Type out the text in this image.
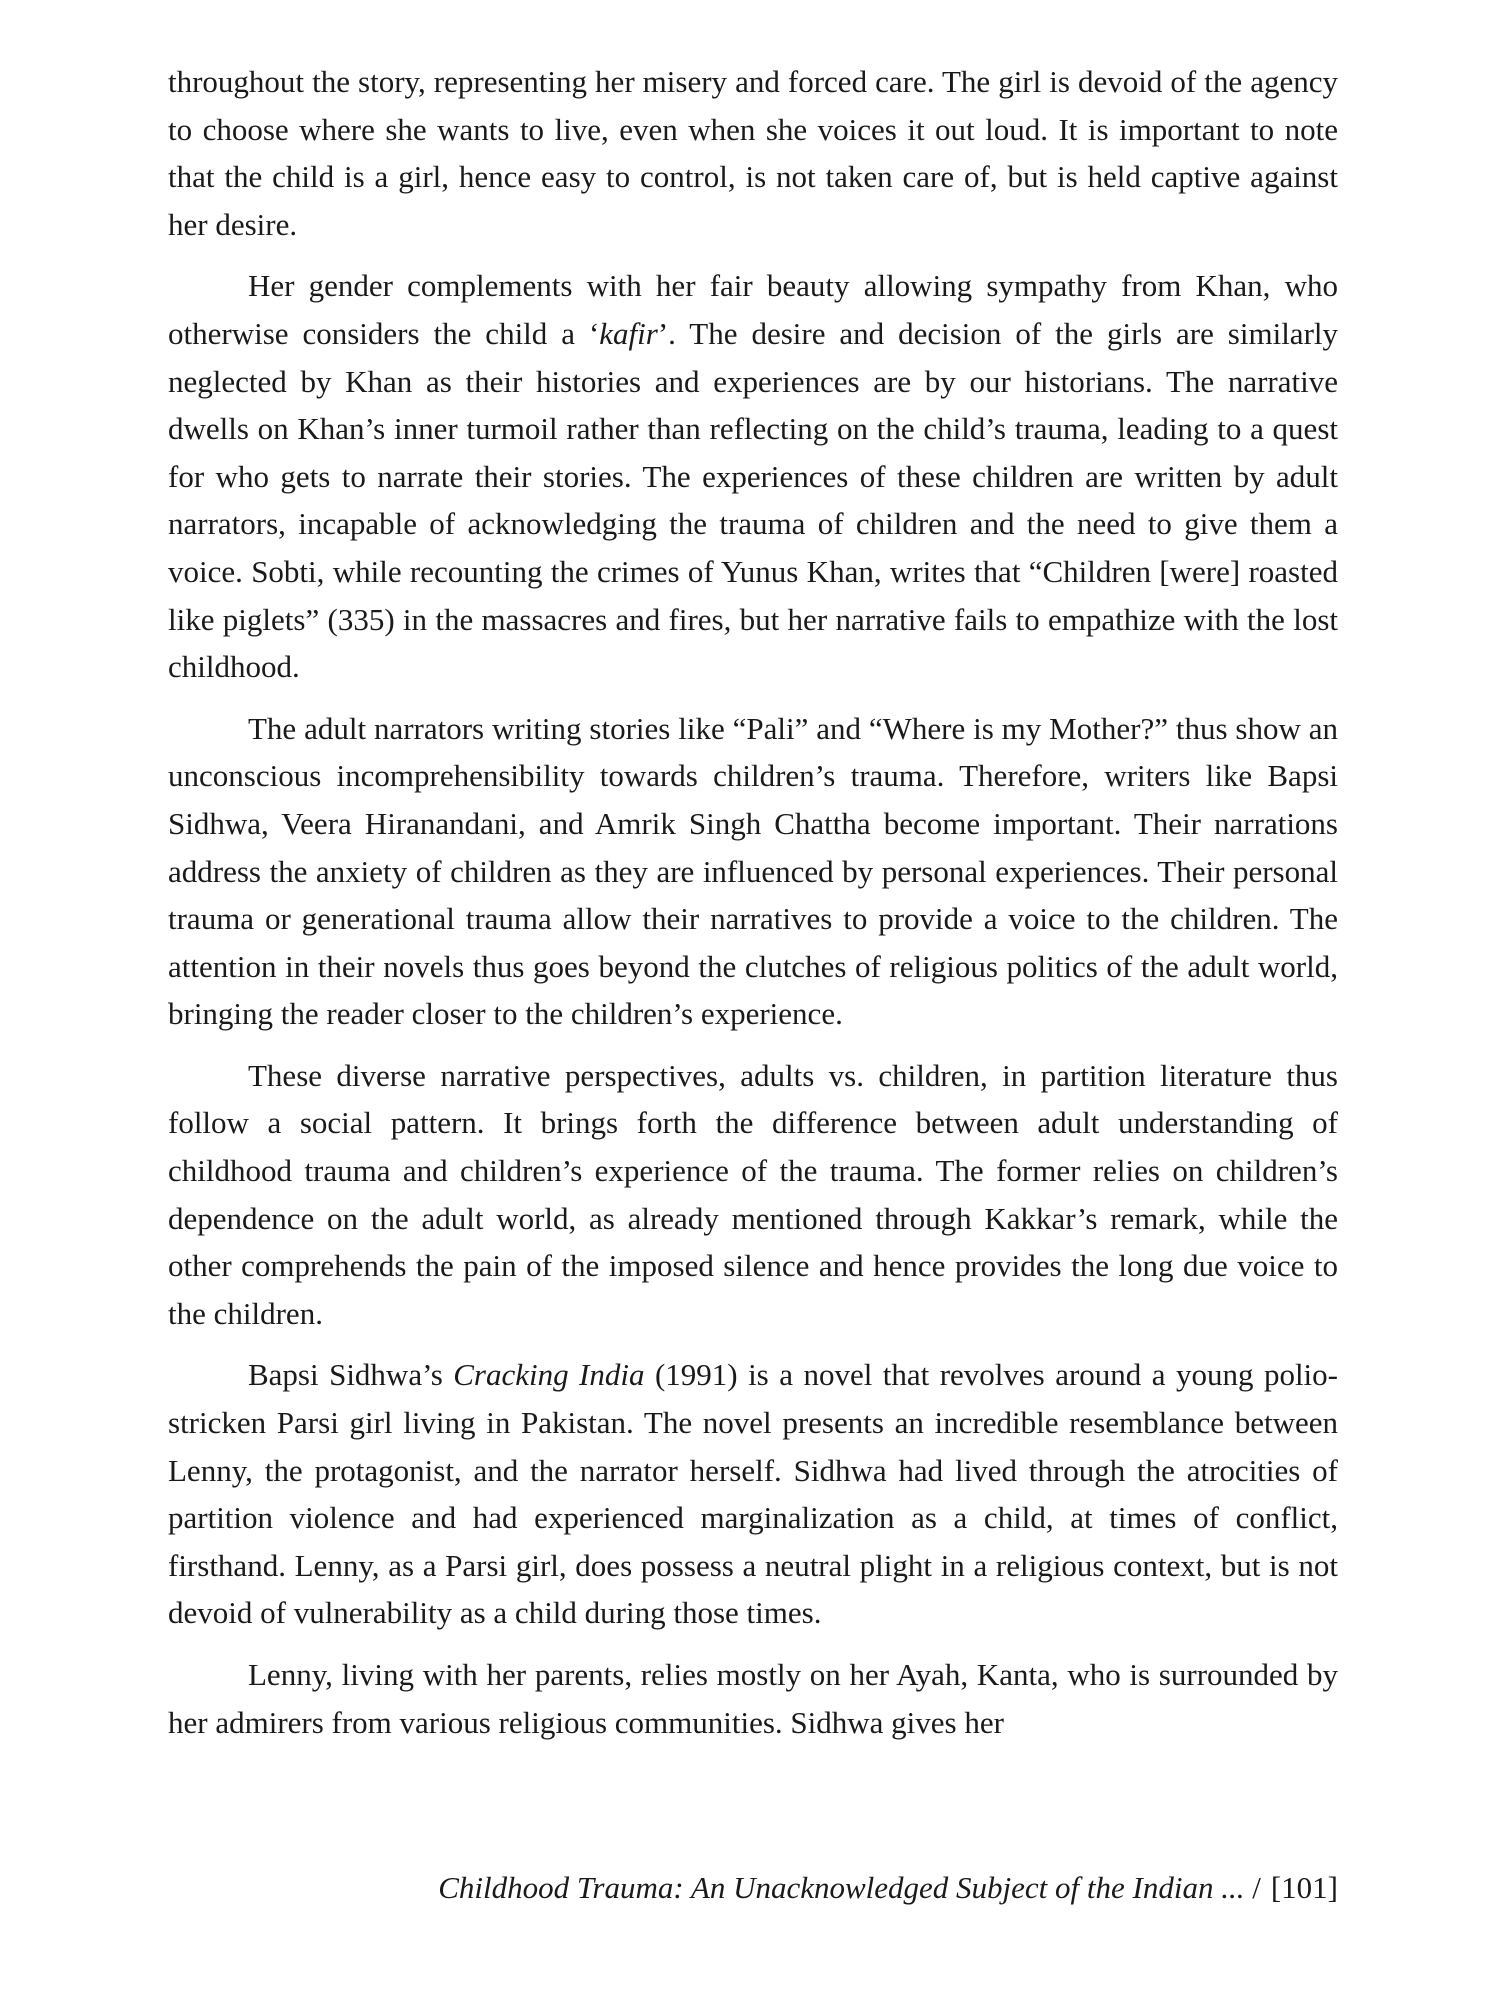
throughout the story, representing her misery and forced care. The girl is devoid of the agency to choose where she wants to live, even when she voices it out loud. It is important to note that the child is a girl, hence easy to control, is not taken care of, but is held captive against her desire.

Her gender complements with her fair beauty allowing sympathy from Khan, who otherwise considers the child a ‘kafir’. The desire and decision of the girls are similarly neglected by Khan as their histories and experiences are by our historians. The narrative dwells on Khan’s inner turmoil rather than reflecting on the child’s trauma, leading to a quest for who gets to narrate their stories. The experiences of these children are written by adult narrators, incapable of acknowledging the trauma of children and the need to give them a voice. Sobti, while recounting the crimes of Yunus Khan, writes that “Children [were] roasted like piglets” (335) in the massacres and fires, but her narrative fails to empathize with the lost childhood.

The adult narrators writing stories like “Pali” and “Where is my Mother?” thus show an unconscious incomprehensibility towards children’s trauma. Therefore, writers like Bapsi Sidhwa, Veera Hiranandani, and Amrik Singh Chattha become important. Their narrations address the anxiety of children as they are influenced by personal experiences. Their personal trauma or generational trauma allow their narratives to provide a voice to the children. The attention in their novels thus goes beyond the clutches of religious politics of the adult world, bringing the reader closer to the children’s experience.

These diverse narrative perspectives, adults vs. children, in partition literature thus follow a social pattern. It brings forth the difference between adult understanding of childhood trauma and children’s experience of the trauma. The former relies on children’s dependence on the adult world, as already mentioned through Kakkar’s remark, while the other comprehends the pain of the imposed silence and hence provides the long due voice to the children.

Bapsi Sidhwa’s Cracking India (1991) is a novel that revolves around a young polio- stricken Parsi girl living in Pakistan. The novel presents an incredible resemblance between Lenny, the protagonist, and the narrator herself. Sidhwa had lived through the atrocities of partition violence and had experienced marginalization as a child, at times of conflict, firsthand. Lenny, as a Parsi girl, does possess a neutral plight in a religious context, but is not devoid of vulnerability as a child during those times.

Lenny, living with her parents, relies mostly on her Ayah, Kanta, who is surrounded by her admirers from various religious communities. Sidhwa gives her

Childhood Trauma: An Unacknowledged Subject of the Indian ... / [101]
